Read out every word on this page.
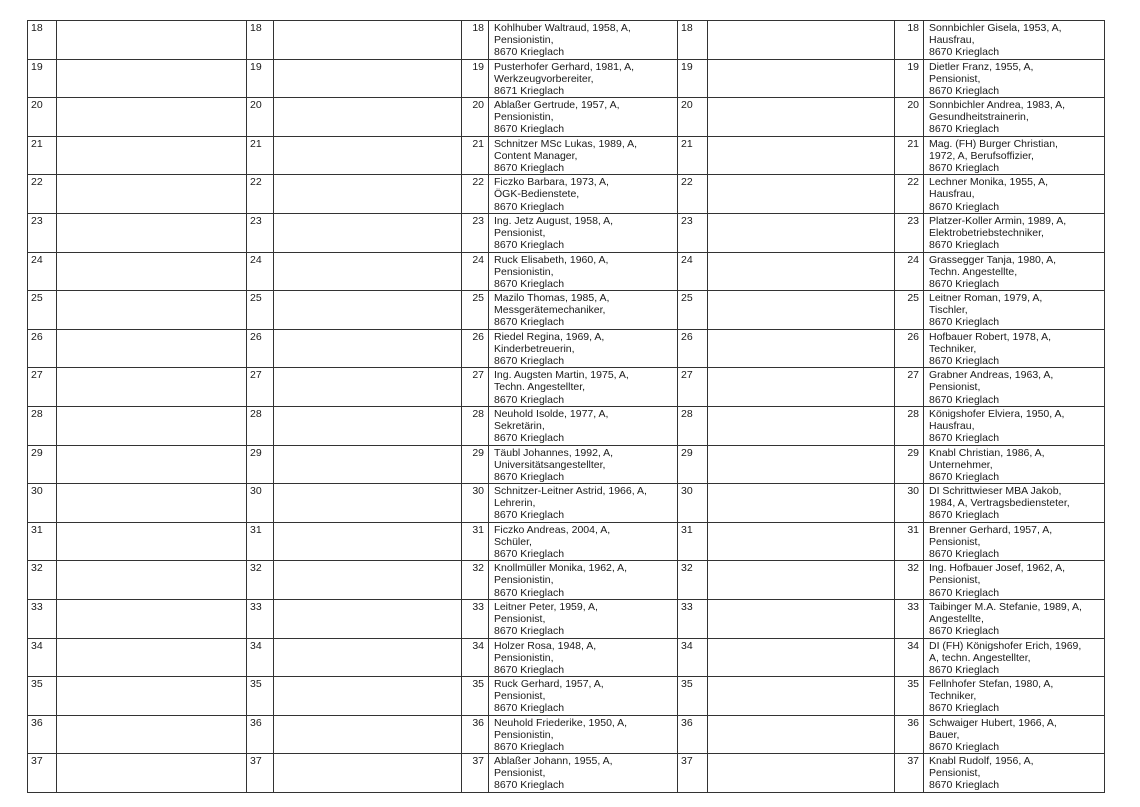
18		18		18	Kohlhuber Waltraud, 1958, A,
Pensionistin,
8670 Krieglach	18		18	Sonnbichler Gisela, 1953, A,
Hausfrau,
8670 Krieglach
19		19		19	Pusterhofer Gerhard, 1981, A,
Werkzeugvorbereiter,
8671 Krieglach	19		19	Dietler Franz, 1955, A,
Pensionist,
8670 Krieglach
20		20		20	Ablaßer Gertrude, 1957, A,
Pensionistin,
8670 Krieglach	20		20	Sonnbichler Andrea, 1983, A,
Gesundheitstrainerin,
8670 Krieglach
21		21		21	Schnitzer MSc Lukas, 1989, A,
Content Manager,
8670 Krieglach	21		21	Mag. (FH) Burger Christian,
1972, A, Berufsoffizier,
8670 Krieglach
22		22		22	Ficzko Barbara, 1973, A,
ÖGK-Bedienstete,
8670 Krieglach	22		22	Lechner Monika, 1955, A,
Hausfrau,
8670 Krieglach
23		23		23	Ing. Jetz August, 1958, A,
Pensionist,
8670 Krieglach	23		23	Platzer-Koller Armin, 1989, A,
Elektrobetriebstechniker,
8670 Krieglach
24		24		24	Ruck Elisabeth, 1960, A,
Pensionistin,
8670 Krieglach	24		24	Grassegger Tanja, 1980, A,
Techn. Angestellte,
8670 Krieglach
25		25		25	Mazilo Thomas, 1985, A,
Messgerätemechaniker,
8670 Krieglach	25		25	Leitner Roman, 1979, A,
Tischler,
8670 Krieglach
26		26		26	Riedel Regina, 1969, A,
Kinderbetreuerin,
8670 Krieglach	26		26	Hofbauer Robert, 1978, A,
Techniker,
8670 Krieglach
27		27		27	Ing. Augsten Martin, 1975, A,
Techn. Angestellter,
8670 Krieglach	27		27	Grabner Andreas, 1963, A,
Pensionist,
8670 Krieglach
28		28		28	Neuhold Isolde, 1977, A,
Sekretärin,
8670 Krieglach	28		28	Königshofer Elviera, 1950, A,
Hausfrau,
8670 Krieglach
29		29		29	Täubl Johannes, 1992, A,
Universitätsangestellter,
8670 Krieglach	29		29	Knabl Christian, 1986, A,
Unternehmer,
8670 Krieglach
30		30		30	Schnitzer-Leitner Astrid, 1966, A,
Lehrerin,
8670 Krieglach	30		30	DI Schrittwieser MBA Jakob,
1984, A, Vertragsbediensteter,
8670 Krieglach
31		31		31	Ficzko Andreas, 2004, A,
Schüler,
8670 Krieglach	31		31	Brenner Gerhard, 1957, A,
Pensionist,
8670 Krieglach
32		32		32	Knollmüller Monika, 1962, A,
Pensionistin,
8670 Krieglach	32		32	Ing. Hofbauer Josef, 1962, A,
Pensionist,
8670 Krieglach
33		33		33	Leitner Peter, 1959, A,
Pensionist,
8670 Krieglach	33		33	Taibinger M.A. Stefanie, 1989, A,
Angestellte,
8670 Krieglach
34		34		34	Holzer Rosa, 1948, A,
Pensionistin,
8670 Krieglach	34		34	DI (FH) Königshofer Erich, 1969,
A, techn. Angestellter,
8670 Krieglach
35		35		35	Ruck Gerhard, 1957, A,
Pensionist,
8670 Krieglach	35		35	Fellnhofer Stefan, 1980, A,
Techniker,
8670 Krieglach
36		36		36	Neuhold Friederike, 1950, A,
Pensionistin,
8670 Krieglach	36		36	Schwaiger Hubert, 1966, A,
Bauer,
8670 Krieglach
37		37		37	Ablaßer Johann, 1955, A,
Pensionist,
8670 Krieglach	37		37	Knabl Rudolf, 1956, A,
Pensionist,
8670 Krieglach
